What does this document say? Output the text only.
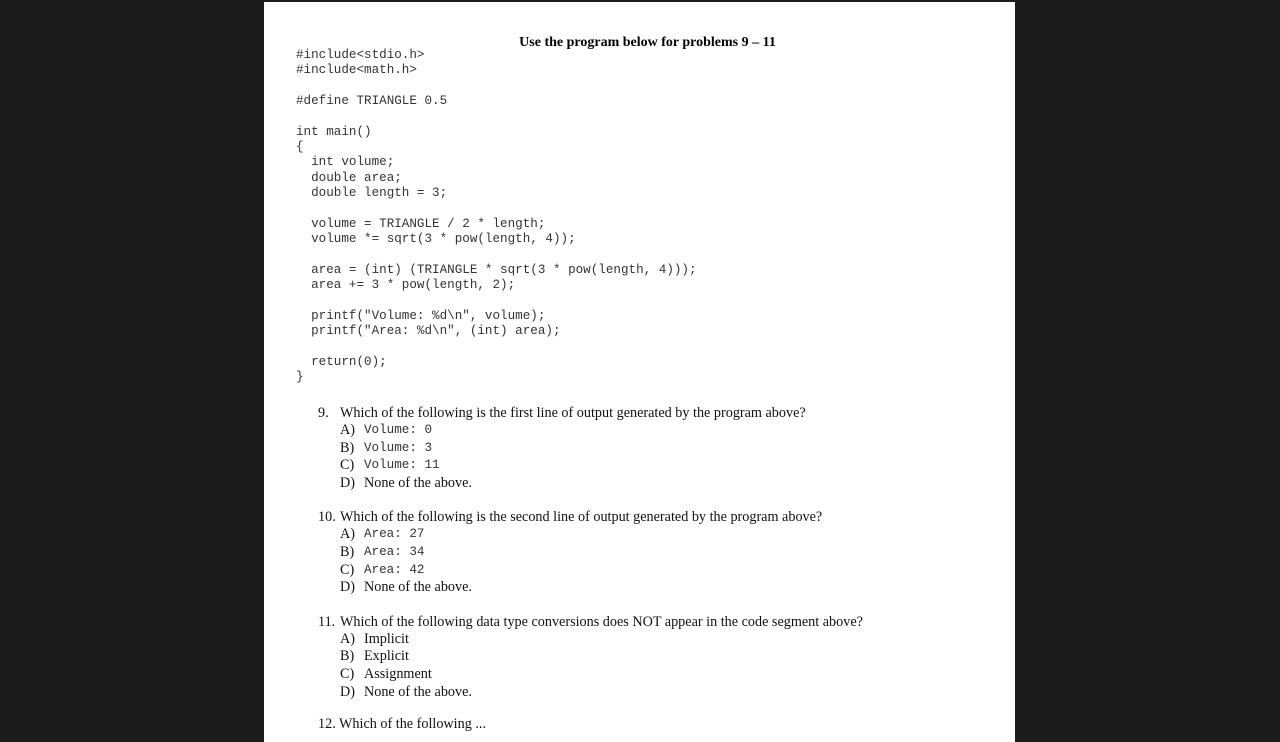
Use the program below for problems 9 – 11
#include<stdio.h>
#include<math.h>
#define TRIANGLE 0.5
int main()
{
int volume;
double area;
double length = 3;
volume = TRIANGLE / 2 * length;
volume *= sqrt(3 * pow(length, 4));
area = (int) (TRIANGLE * sqrt(3 * pow(length, 4)));
area += 3 * pow(length, 2);
printf("Volume: %d\n", volume);
printf("Area: %d\n", (int) area);
return(0);
}
9. Which of the following is the first line of output generated by the program above?
A) Volume: 0
B) Volume: 3
C) Volume: 11
D) None of the above.
10. Which of the following is the second line of output generated by the program above?
A) Area: 27
B) Area: 34
C) Area: 42
D) None of the above.
11. Which of the following data type conversions does NOT appear in the code segment above?
A) Implicit
B) Explicit
C) Assignment
D) None of the above.
12. Which of the following ...
